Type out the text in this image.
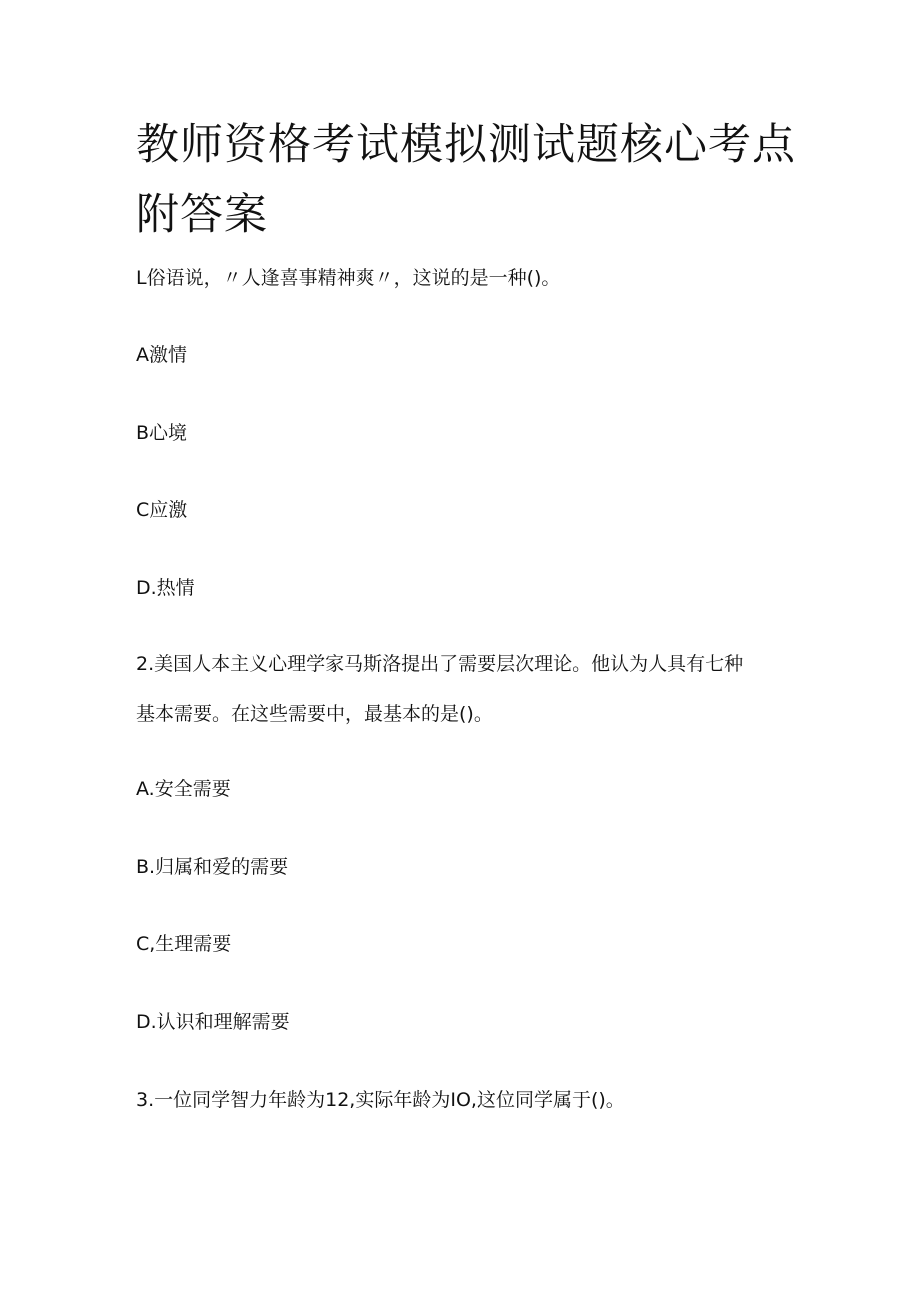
教师资格考试模拟测试题核心考点
附答案
L俗语说，〃人逢喜事精神爽〃，这说的是一种()。
A激情
B心境
C应激
D.热情
2.美国人本主义心理学家马斯洛提出了需要层次理论。他认为人具有七种
基本需要。在这些需要中，最基本的是()。
A.安全需要
B.归属和爱的需要
C,生理需要
D.认识和理解需要
3.一位同学智力年龄为12,实际年龄为IO,这位同学属于()。
